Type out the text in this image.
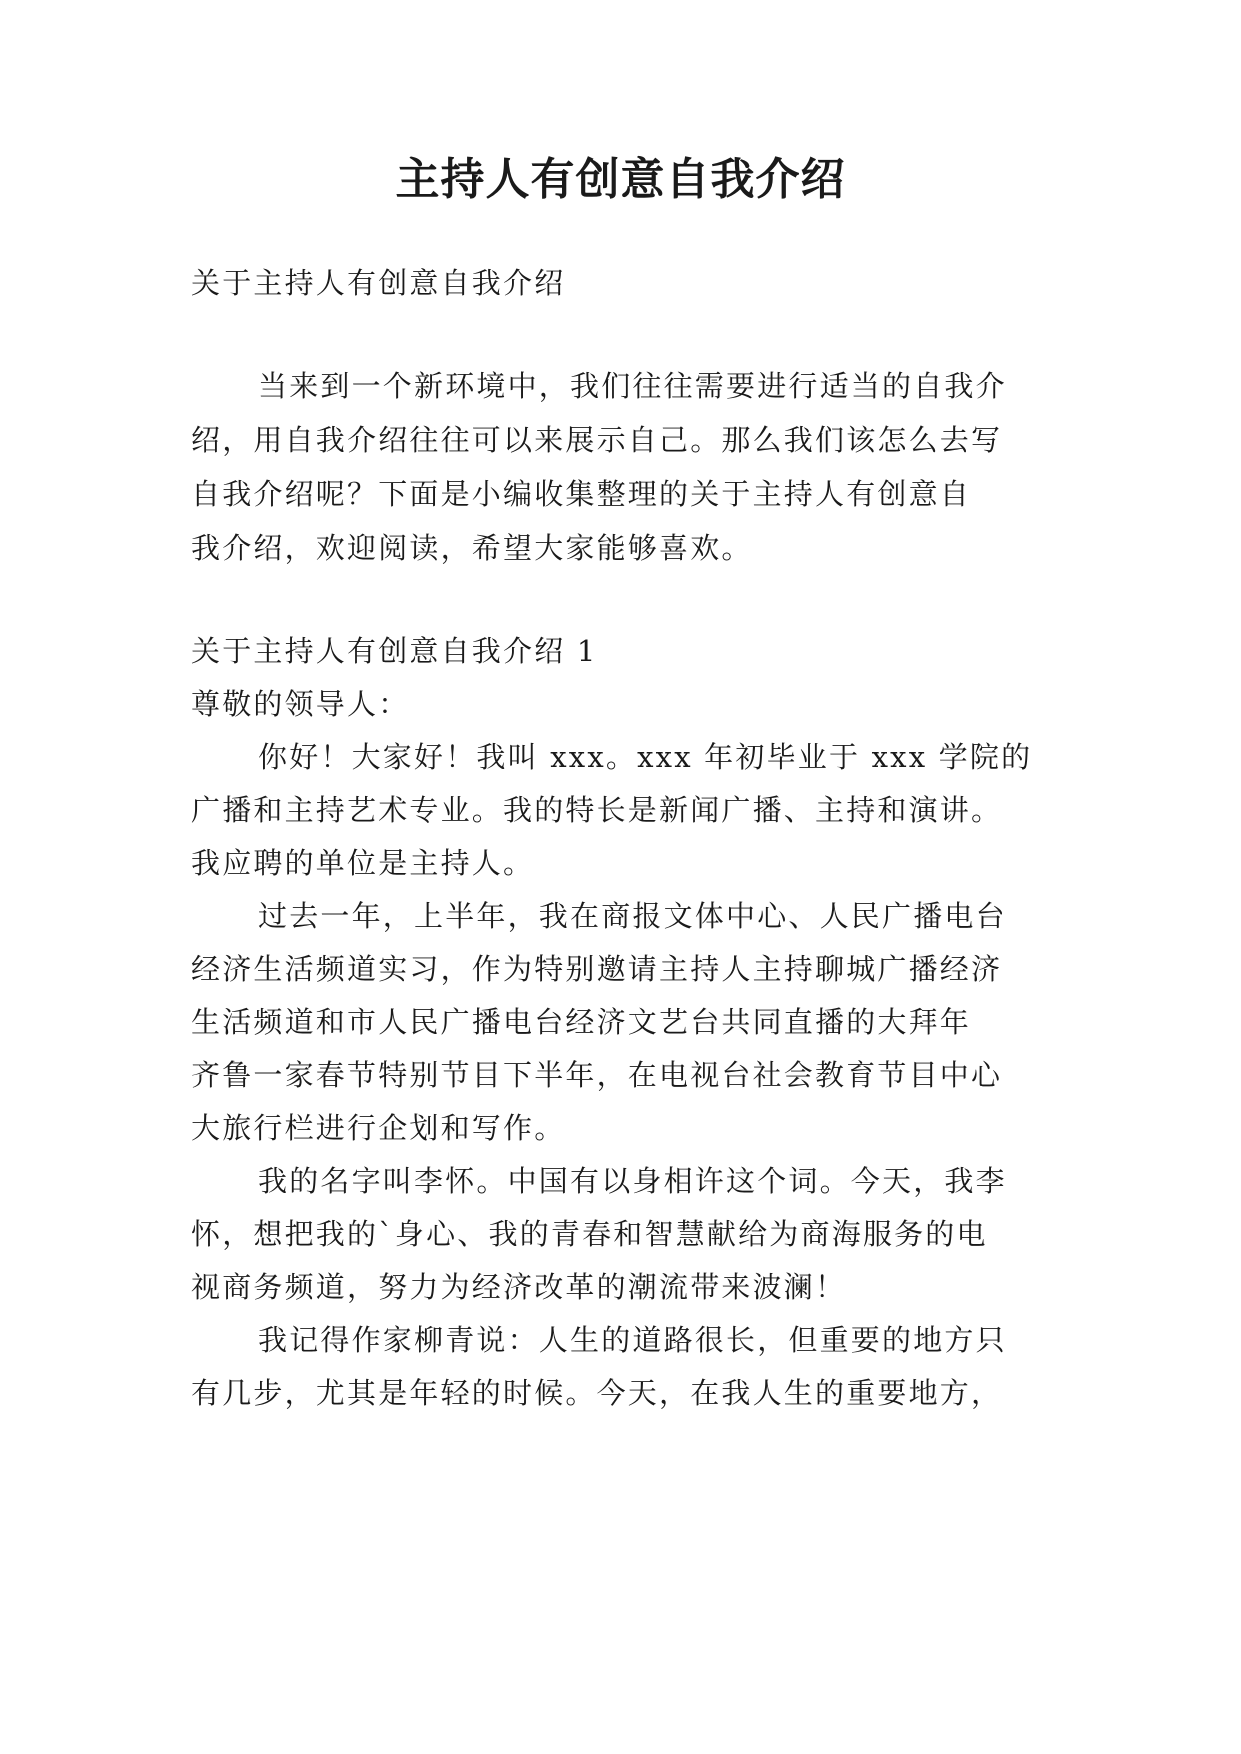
主持人有创意自我介绍

关于主持人有创意自我介绍

当来到一个新环境中，我们往往需要进行适当的自我介

绍，用自我介绍往往可以来展示自己。那么我们该怎么去写

自我介绍呢？下面是小编收集整理的关于主持人有创意自

我介绍，欢迎阅读，希望大家能够喜欢。

关于主持人有创意自我介绍 1

尊敬的领导人：

你好！大家好！我叫 xxx。xxx 年初毕业于 xxx 学院的

广播和主持艺术专业。我的特长是新闻广播、主持和演讲。

我应聘的单位是主持人。

过去一年，上半年，我在商报文体中心、人民广播电台

经济生活频道实习，作为特别邀请主持人主持聊城广播经济

生活频道和市人民广播电台经济文艺台共同直播的大拜年

齐鲁一家春节特别节目下半年，在电视台社会教育节目中心

大旅行栏进行企划和写作。

我的名字叫李怀。中国有以身相许这个词。今天，我李

怀，想把我的`身心、我的青春和智慧献给为商海服务的电

视商务频道，努力为经济改革的潮流带来波澜！

我记得作家柳青说：人生的道路很长，但重要的地方只

有几步，尤其是年轻的时候。今天，在我人生的重要地方，
